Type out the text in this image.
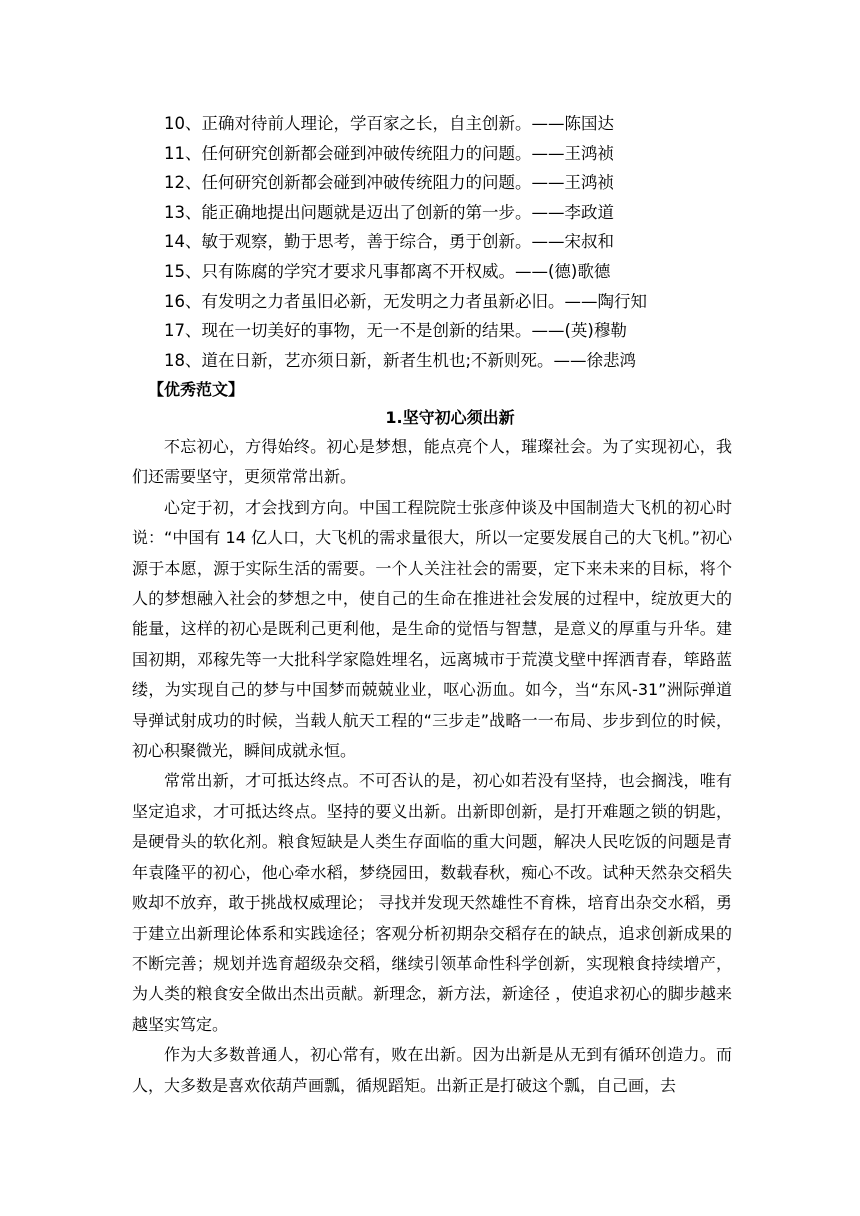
10、正确对待前人理论，学百家之长，自主创新。——陈国达
11、任何研究创新都会碰到冲破传统阻力的问题。——王鸿祯
12、任何研究创新都会碰到冲破传统阻力的问题。——王鸿祯
13、能正确地提出问题就是迈出了创新的第一步。——李政道
14、敏于观察，勤于思考，善于综合，勇于创新。——宋叔和
15、只有陈腐的学究才要求凡事都离不开权威。——(德)歌德
16、有发明之力者虽旧必新，无发明之力者虽新必旧。——陶行知
17、现在一切美好的事物，无一不是创新的结果。——(英)穆勒
18、道在日新，艺亦须日新，新者生机也;不新则死。——徐悲鸿
【优秀范文】
1.坚守初心须出新

不忘初心，方得始终。初心是梦想，能点亮个人，璀璨社会。为了实现初心，我们还需要坚守，更须常常出新。

心定于初，才会找到方向。中国工程院院士张彦仲谈及中国制造大飞机的初心时说：“中国有 14 亿人口，大飞机的需求量很大，所以一定要发展自己的大飞机。”初心源于本愿，源于实际生活的需要。一个人关注社会的需要，定下来未来的目标，将个人的梦想融入社会的梦想之中，使自己的生命在推进社会发展的过程中，绽放更大的能量，这样的初心是既利己更利他，是生命的觉悟与智慧，是意义的厚重与升华。建国初期，邓稼先等一大批科学家隐姓埋名，远离城市于荒漠戈壁中挥洒青春，筚路蓝缕，为实现自己的梦与中国梦而兢兢业业，呕心沥血。如今，当“东风-31”洲际弹道导弹试射成功的时候，当载人航天工程的“三步走”战略一一布局、步步到位的时候，初心积聚微光，瞬间成就永恒。

常常出新，才可抵达终点。不可否认的是，初心如若没有坚持，也会搁浅，唯有坚定追求，才可抵达终点。坚持的要义出新。出新即创新，是打开难题之锁的钥匙，是硬骨头的软化剂。粮食短缺是人类生存面临的重大问题，解决人民吃饭的问题是青年袁隆平的初心，他心牵水稻，梦绕园田，数载春秋，痴心不改。试种天然杂交稻失败却不放弃，敢于挑战权威理论； 寻找并发现天然雄性不育株，培育出杂交水稻，勇于建立出新理论体系和实践途径；客观分析初期杂交稻存在的缺点，追求创新成果的不断完善；规划并选育超级杂交稻，继续引领革命性科学创新，实现粮食持续增产，为人类的粮食安全做出杰出贡献。新理念，新方法，新途径 ，使追求初心的脚步越来越坚实笃定。

作为大多数普通人，初心常有，败在出新。因为出新是从无到有循环创造力。而人，大多数是喜欢依葫芦画瓢，循规蹈矩。出新正是打破这个瓢，自己画，去
